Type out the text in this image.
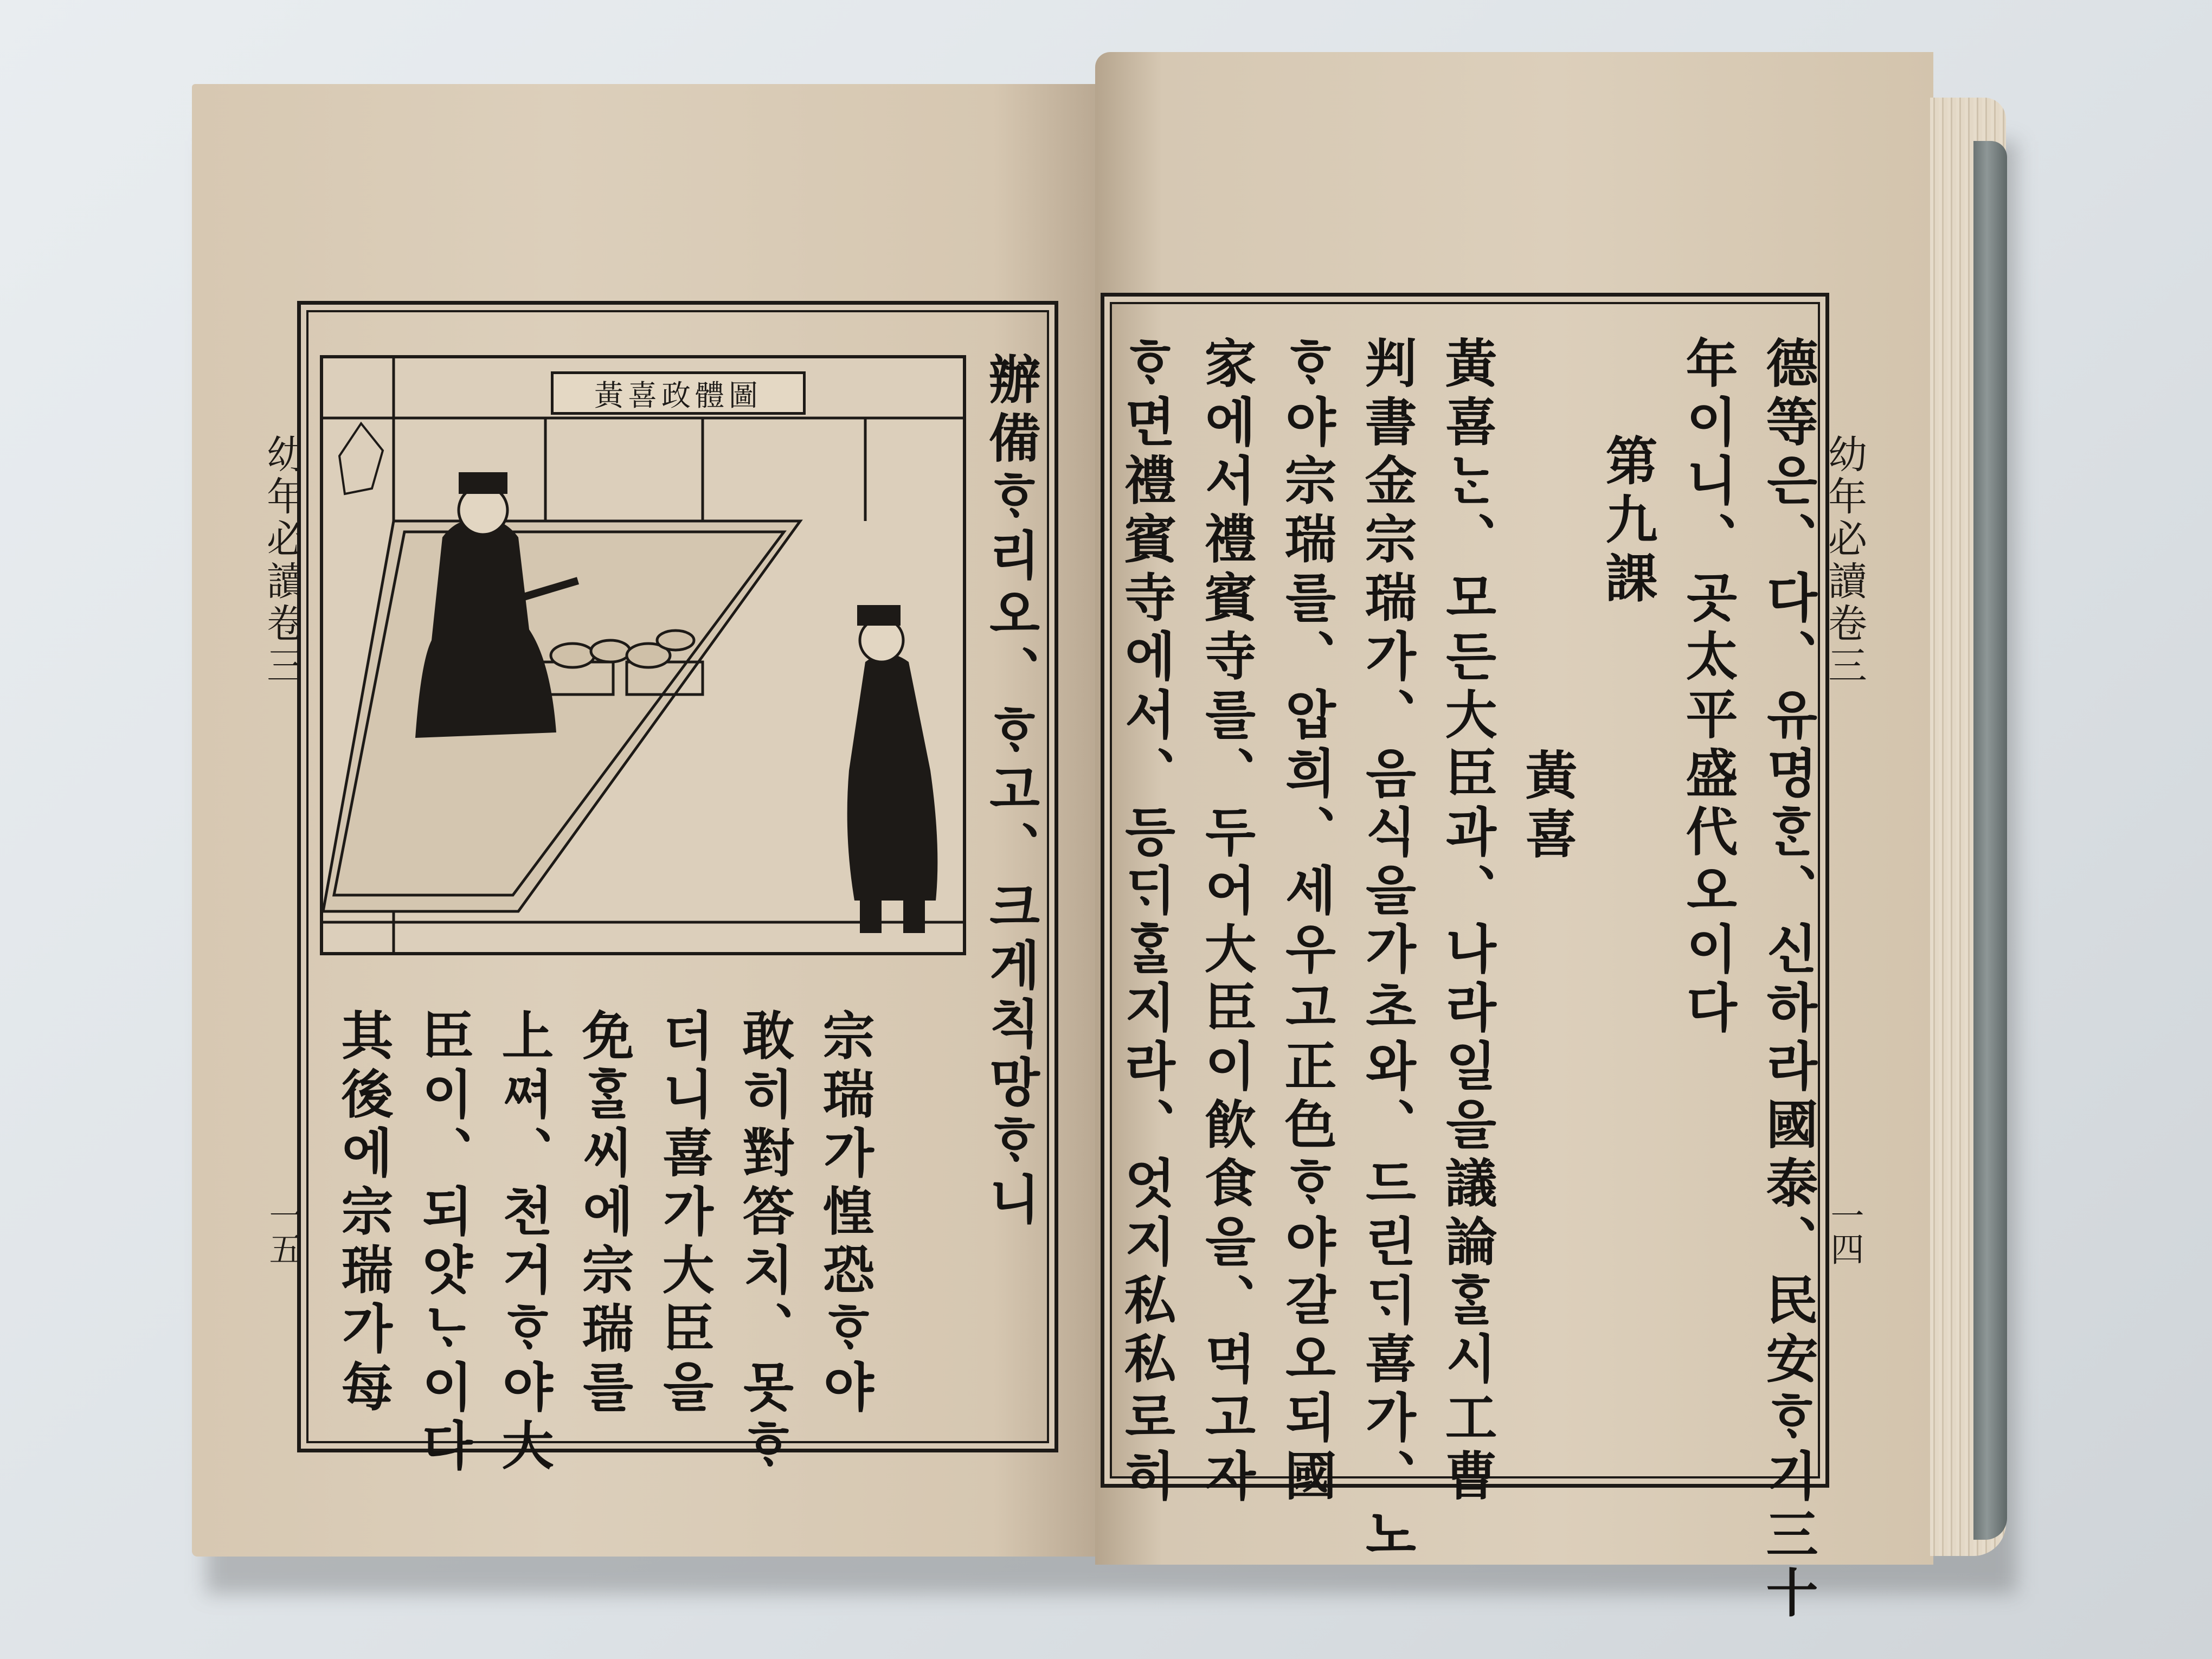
幼年必讀卷三
一五
黃喜政體圖	辦備ᄒᆞ리오、ᄒᆞ고、크게칙망ᄒᆞ니
宗瑞가惶恐ᄒᆞ야
敢히對答치、못ᄒᆞ
더니喜가大臣을
免ᄒᆞᆯ씨에宗瑞를
上ᄶᅧ、천거ᄒᆞ야大
臣이、되얏ᄂᆞ이다
其後에宗瑞가每
幼年必讀卷三
一四
德等은、다、유명ᄒᆞᆫ、신하라國泰、民安ᄒᆞ기三十
年이니、곳太平盛代오이다
第九課
黃喜
黃喜ᄂᆞᆫ、모든大臣과、나라일을議論ᄒᆞᆯ시工曹
判書金宗瑞가、음식을가초와、드린ᄃᆡ喜가、노
ᄒᆞ야宗瑞를、압희、세우고正色ᄒᆞ야갈오되國
家에서禮賓寺를、두어大臣이飮食을、먹고자
ᄒᆞ면禮賓寺에서、등ᄃᆡᄒᆞᆯ지라、엇지私私로히
